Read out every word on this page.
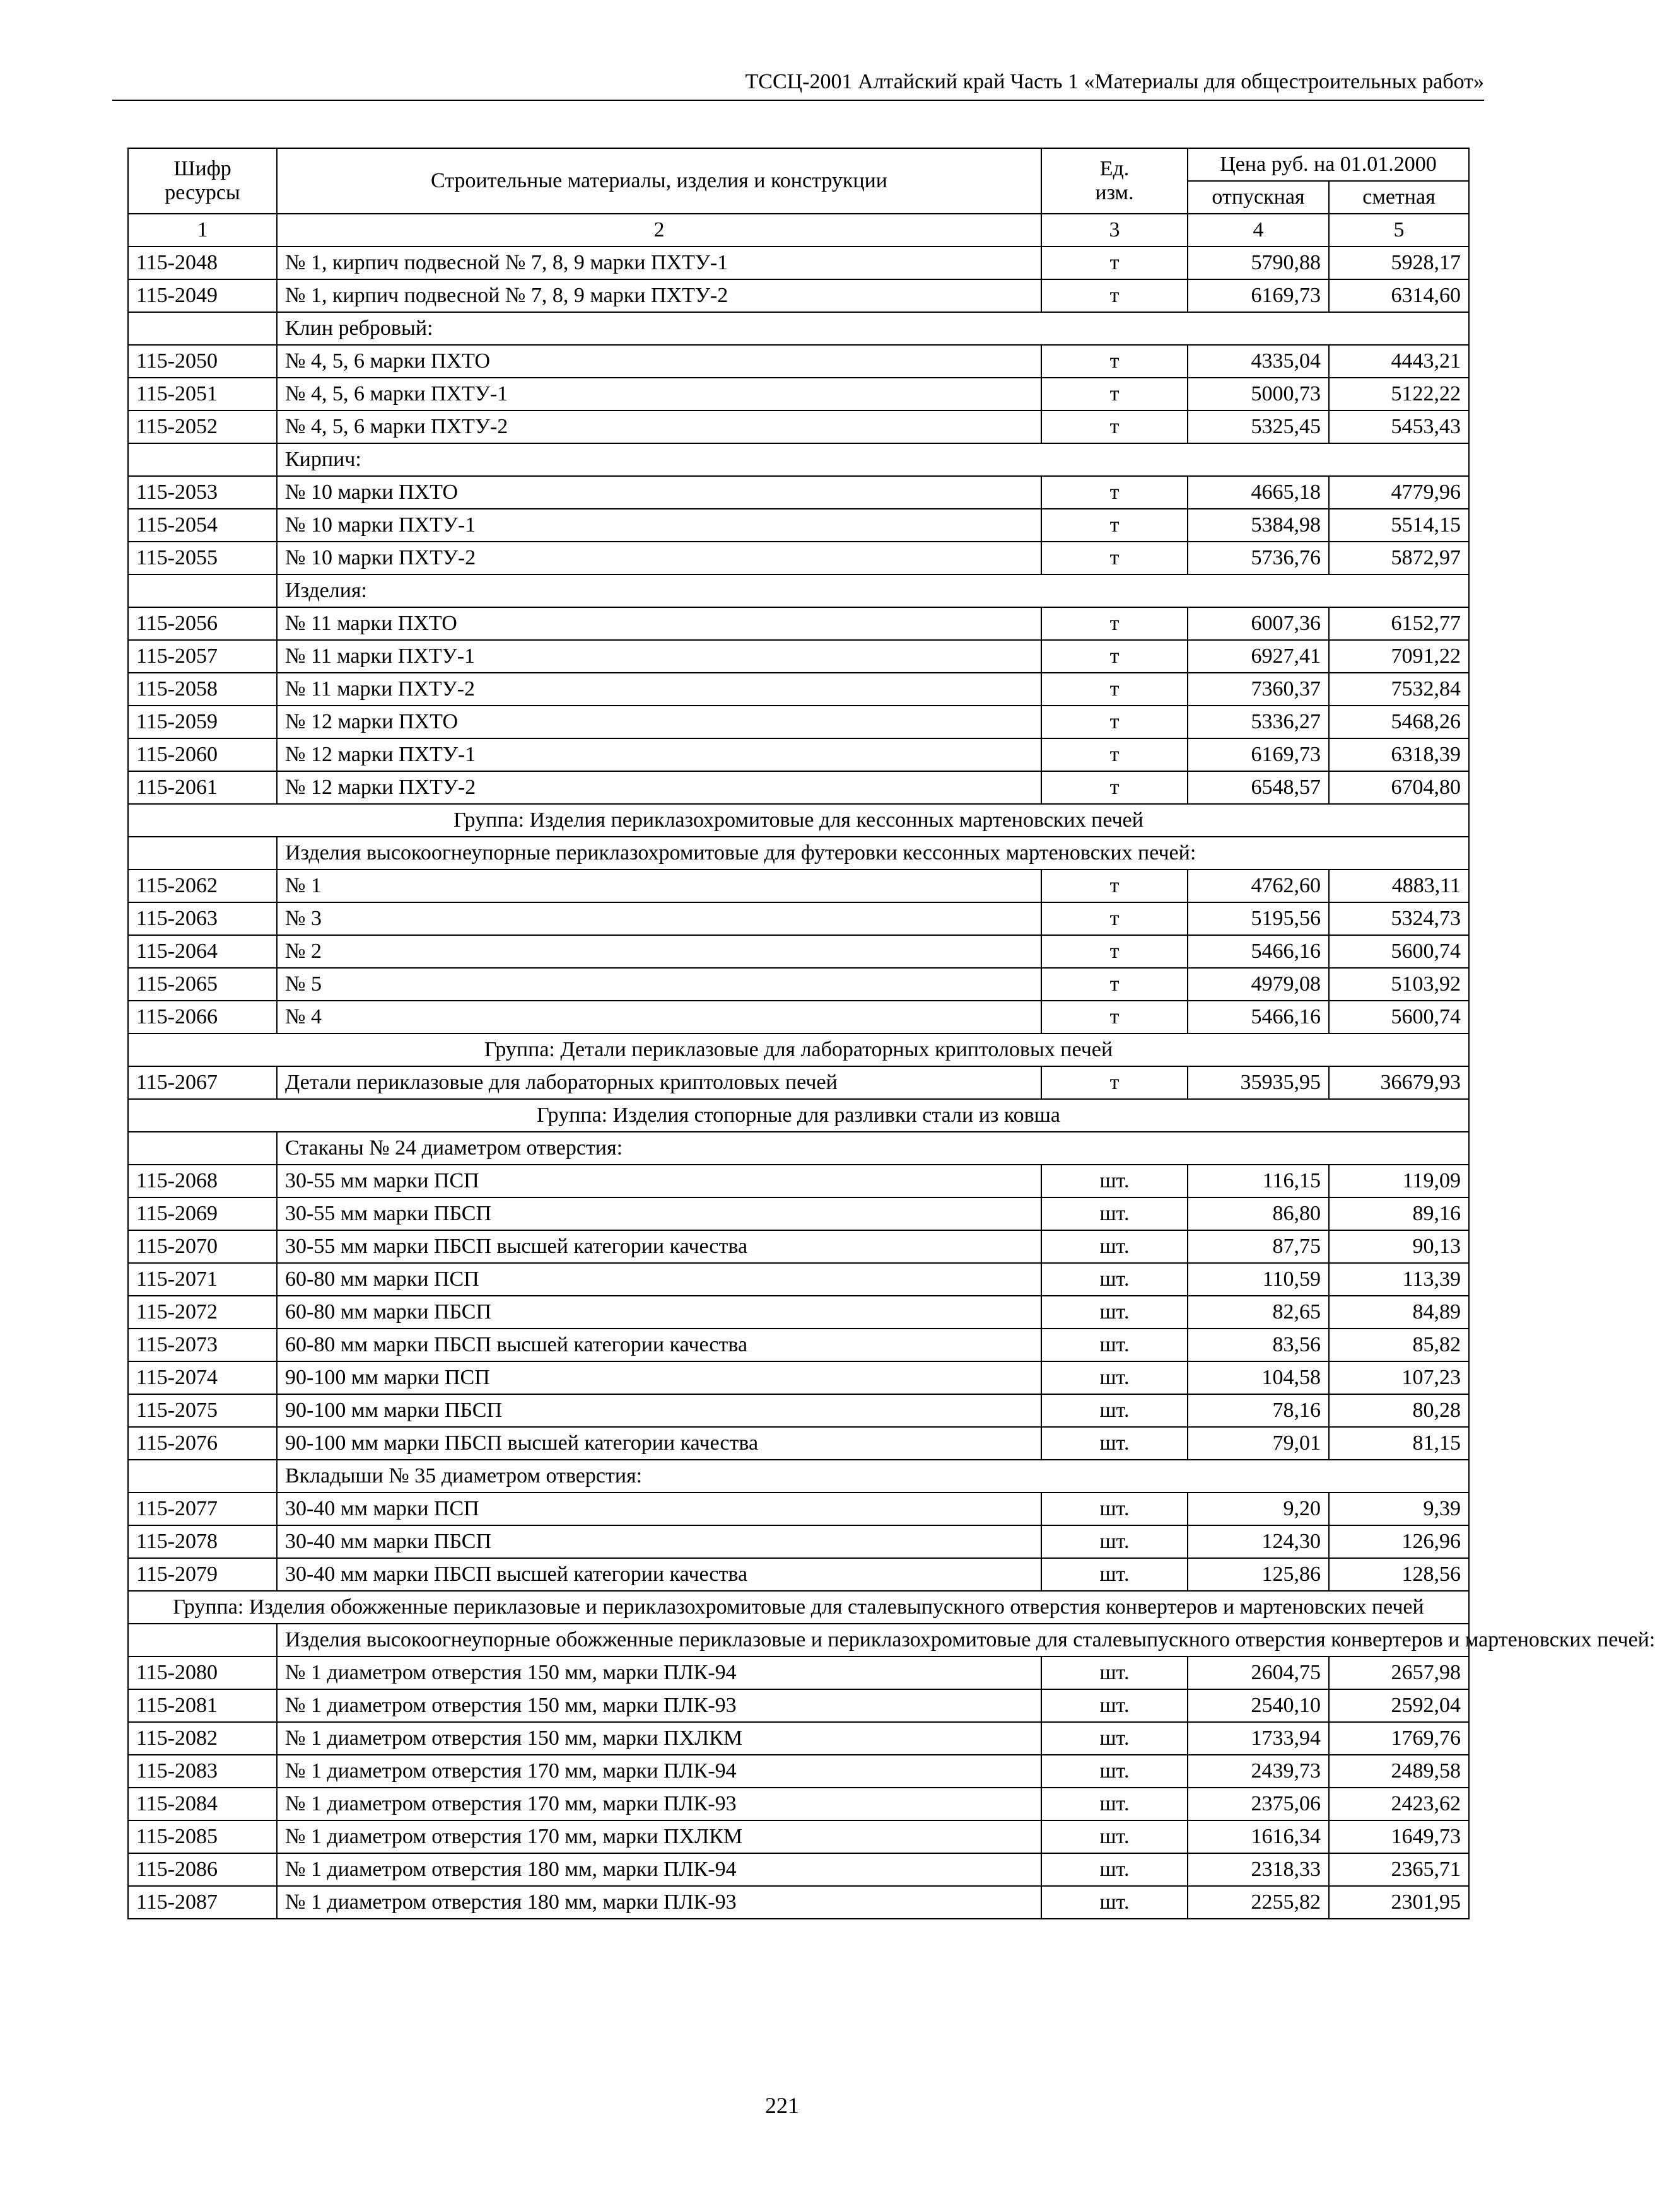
ТССЦ-2001 Алтайский край Часть 1 «Материалы для общестроительных работ»
Шифр ресурсы	Строительные материалы, изделия и конструкции	Ед. изм.	Цена руб. на 01.01.2000	
			отпускная	сметная
1	2	3	4	5
115-2048	№ 1, кирпич подвесной № 7, 8, 9 марки ПХТУ-1	т	5790,88	5928,17
115-2049	№ 1, кирпич подвесной № 7, 8, 9 марки ПХТУ-2	т	6169,73	6314,60
	Клин ребровый:			
115-2050	№ 4, 5, 6 марки ПХТО	т	4335,04	4443,21
115-2051	№ 4, 5, 6 марки ПХТУ-1	т	5000,73	5122,22
115-2052	№ 4, 5, 6 марки ПХТУ-2	т	5325,45	5453,43
	Кирпич:			
115-2053	№ 10 марки ПХТО	т	4665,18	4779,96
115-2054	№ 10 марки ПХТУ-1	т	5384,98	5514,15
115-2055	№ 10 марки ПХТУ-2	т	5736,76	5872,97
	Изделия:			
115-2056	№ 11 марки ПХТО	т	6007,36	6152,77
115-2057	№ 11 марки ПХТУ-1	т	6927,41	7091,22
115-2058	№ 11 марки ПХТУ-2	т	7360,37	7532,84
115-2059	№ 12 марки ПХТО	т	5336,27	5468,26
115-2060	№ 12 марки ПХТУ-1	т	6169,73	6318,39
115-2061	№ 12 марки ПХТУ-2	т	6548,57	6704,80
Группа: Изделия периклазохромитовые для кессонных мартеновских печей				
	Изделия высокоогнеупорные периклазохромитовые для футеровки кессонных мартеновских печей:			
115-2062	№ 1	т	4762,60	4883,11
115-2063	№ 3	т	5195,56	5324,73
115-2064	№ 2	т	5466,16	5600,74
115-2065	№ 5	т	4979,08	5103,92
115-2066	№ 4	т	5466,16	5600,74
Группа: Детали периклазовые для лабораторных криптоловых печей				
115-2067	Детали периклазовые для лабораторных криптоловых печей	т	35935,95	36679,93
Группа: Изделия стопорные для разливки стали из ковша				
	Стаканы № 24 диаметром отверстия:			
115-2068	30-55 мм марки ПСП	шт.	116,15	119,09
115-2069	30-55 мм марки ПБСП	шт.	86,80	89,16
115-2070	30-55 мм марки ПБСП высшей категории качества	шт.	87,75	90,13
115-2071	60-80 мм марки ПСП	шт.	110,59	113,39
115-2072	60-80 мм марки ПБСП	шт.	82,65	84,89
115-2073	60-80 мм марки ПБСП высшей категории качества	шт.	83,56	85,82
115-2074	90-100 мм марки ПСП	шт.	104,58	107,23
115-2075	90-100 мм марки ПБСП	шт.	78,16	80,28
115-2076	90-100 мм марки ПБСП высшей категории качества	шт.	79,01	81,15
	Вкладыши № 35 диаметром отверстия:			
115-2077	30-40 мм марки ПСП	шт.	9,20	9,39
115-2078	30-40 мм марки ПБСП	шт.	124,30	126,96
115-2079	30-40 мм марки ПБСП высшей категории качества	шт.	125,86	128,56
Группа: Изделия обожженные периклазовые и периклазохромитовые для сталевыпускного отверстия конвертеров и мартеновских печей				
	Изделия высокоогнеупорные обожженные периклазовые и периклазохромитовые для сталевыпускного отверстия конвертеров и мартеновских печей:			
115-2080	№ 1 диаметром отверстия 150 мм, марки ПЛК-94	шт.	2604,75	2657,98
115-2081	№ 1 диаметром отверстия 150 мм, марки ПЛК-93	шт.	2540,10	2592,04
115-2082	№ 1 диаметром отверстия 150 мм, марки ПХЛКМ	шт.	1733,94	1769,76
115-2083	№ 1 диаметром отверстия 170 мм, марки ПЛК-94	шт.	2439,73	2489,58
115-2084	№ 1 диаметром отверстия 170 мм, марки ПЛК-93	шт.	2375,06	2423,62
115-2085	№ 1 диаметром отверстия 170 мм, марки ПХЛКМ	шт.	1616,34	1649,73
115-2086	№ 1 диаметром отверстия 180 мм, марки ПЛК-94	шт.	2318,33	2365,71
115-2087	№ 1 диаметром отверстия 180 мм, марки ПЛК-93	шт.	2255,82	2301,95
221
